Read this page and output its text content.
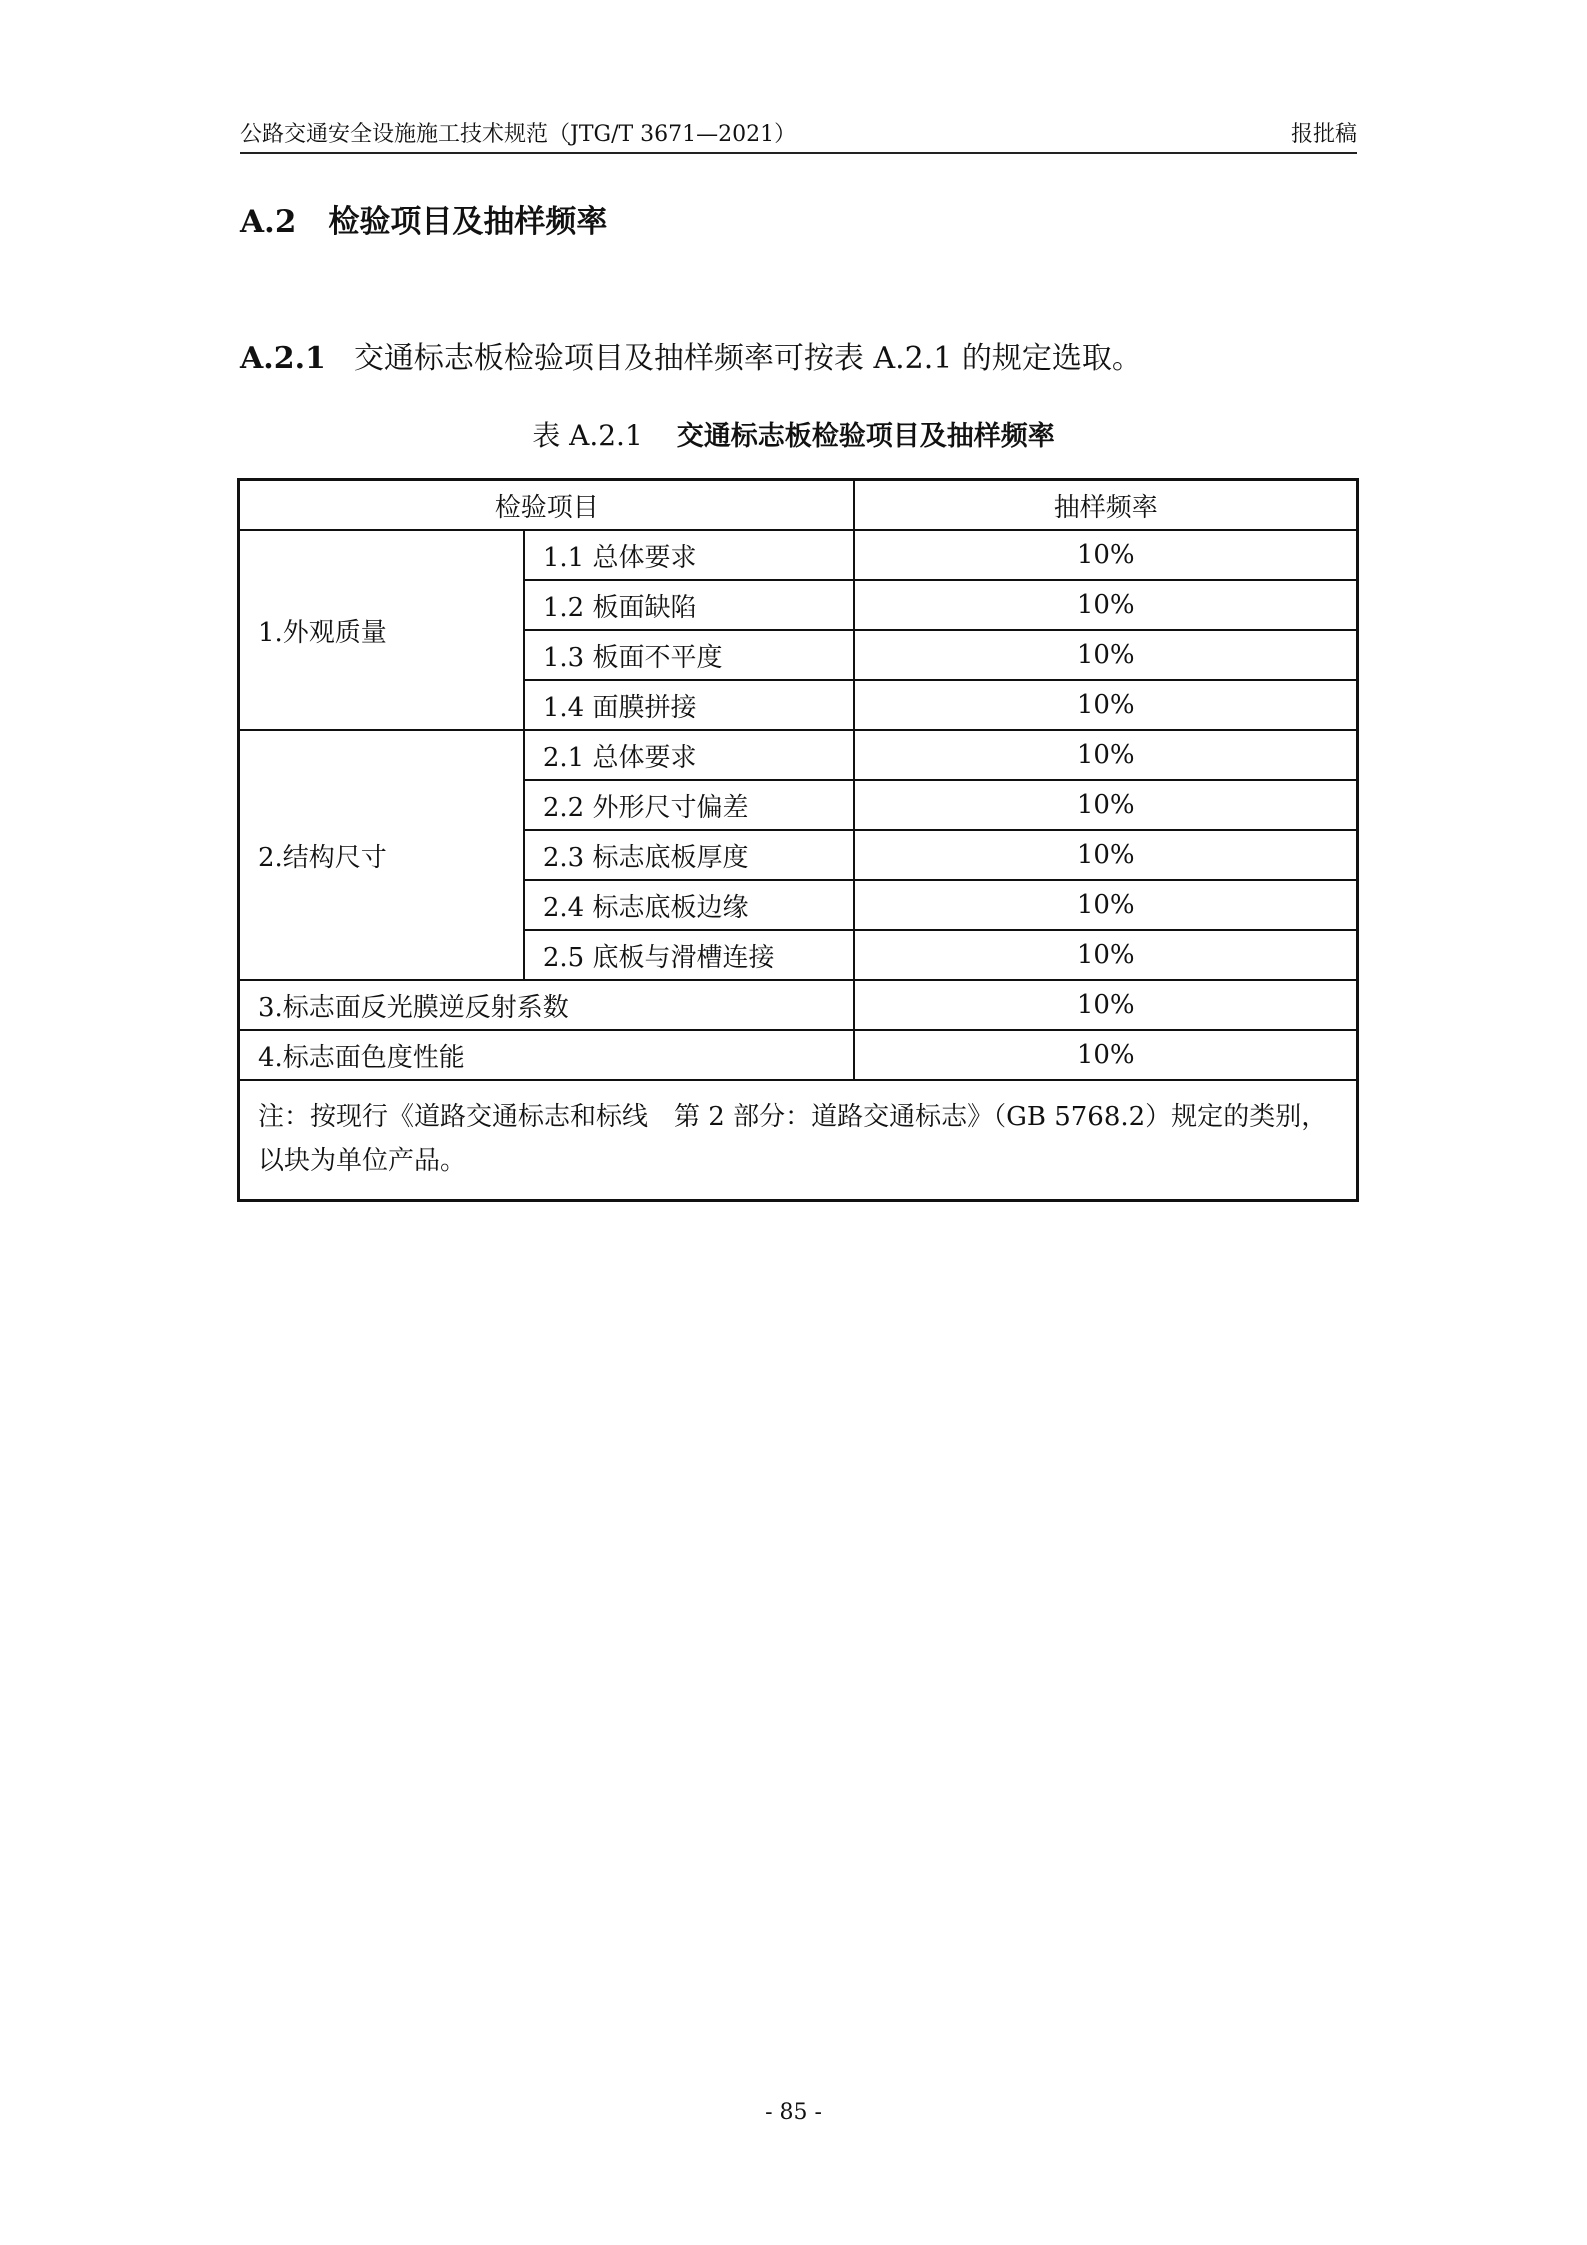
公路交通安全设施施工技术规范（JTG/T 3671—2021）	报批稿
A.2 检验项目及抽样频率
A.2.1 交通标志板检验项目及抽样频率可按表 A.2.1 的规定选取。
表 A.2.1 交通标志板检验项目及抽样频率
检验项目		抽样频率
1.外观质量	1.1 总体要求	10%
	1.2 板面缺陷	10%
	1.3 板面不平度	10%
	1.4 面膜拼接	10%
2.结构尺寸	2.1 总体要求	10%
	2.2 外形尺寸偏差	10%
	2.3 标志底板厚度	10%
	2.4 标志底板边缘	10%
	2.5 底板与滑槽连接	10%
3.标志面反光膜逆反射系数		10%
4.标志面色度性能		10%
注：按现行《道路交通标志和标线　第 2 部分：道路交通标志》（GB 5768.2）规定的类别，以块为单位产品。		
- 85 -
